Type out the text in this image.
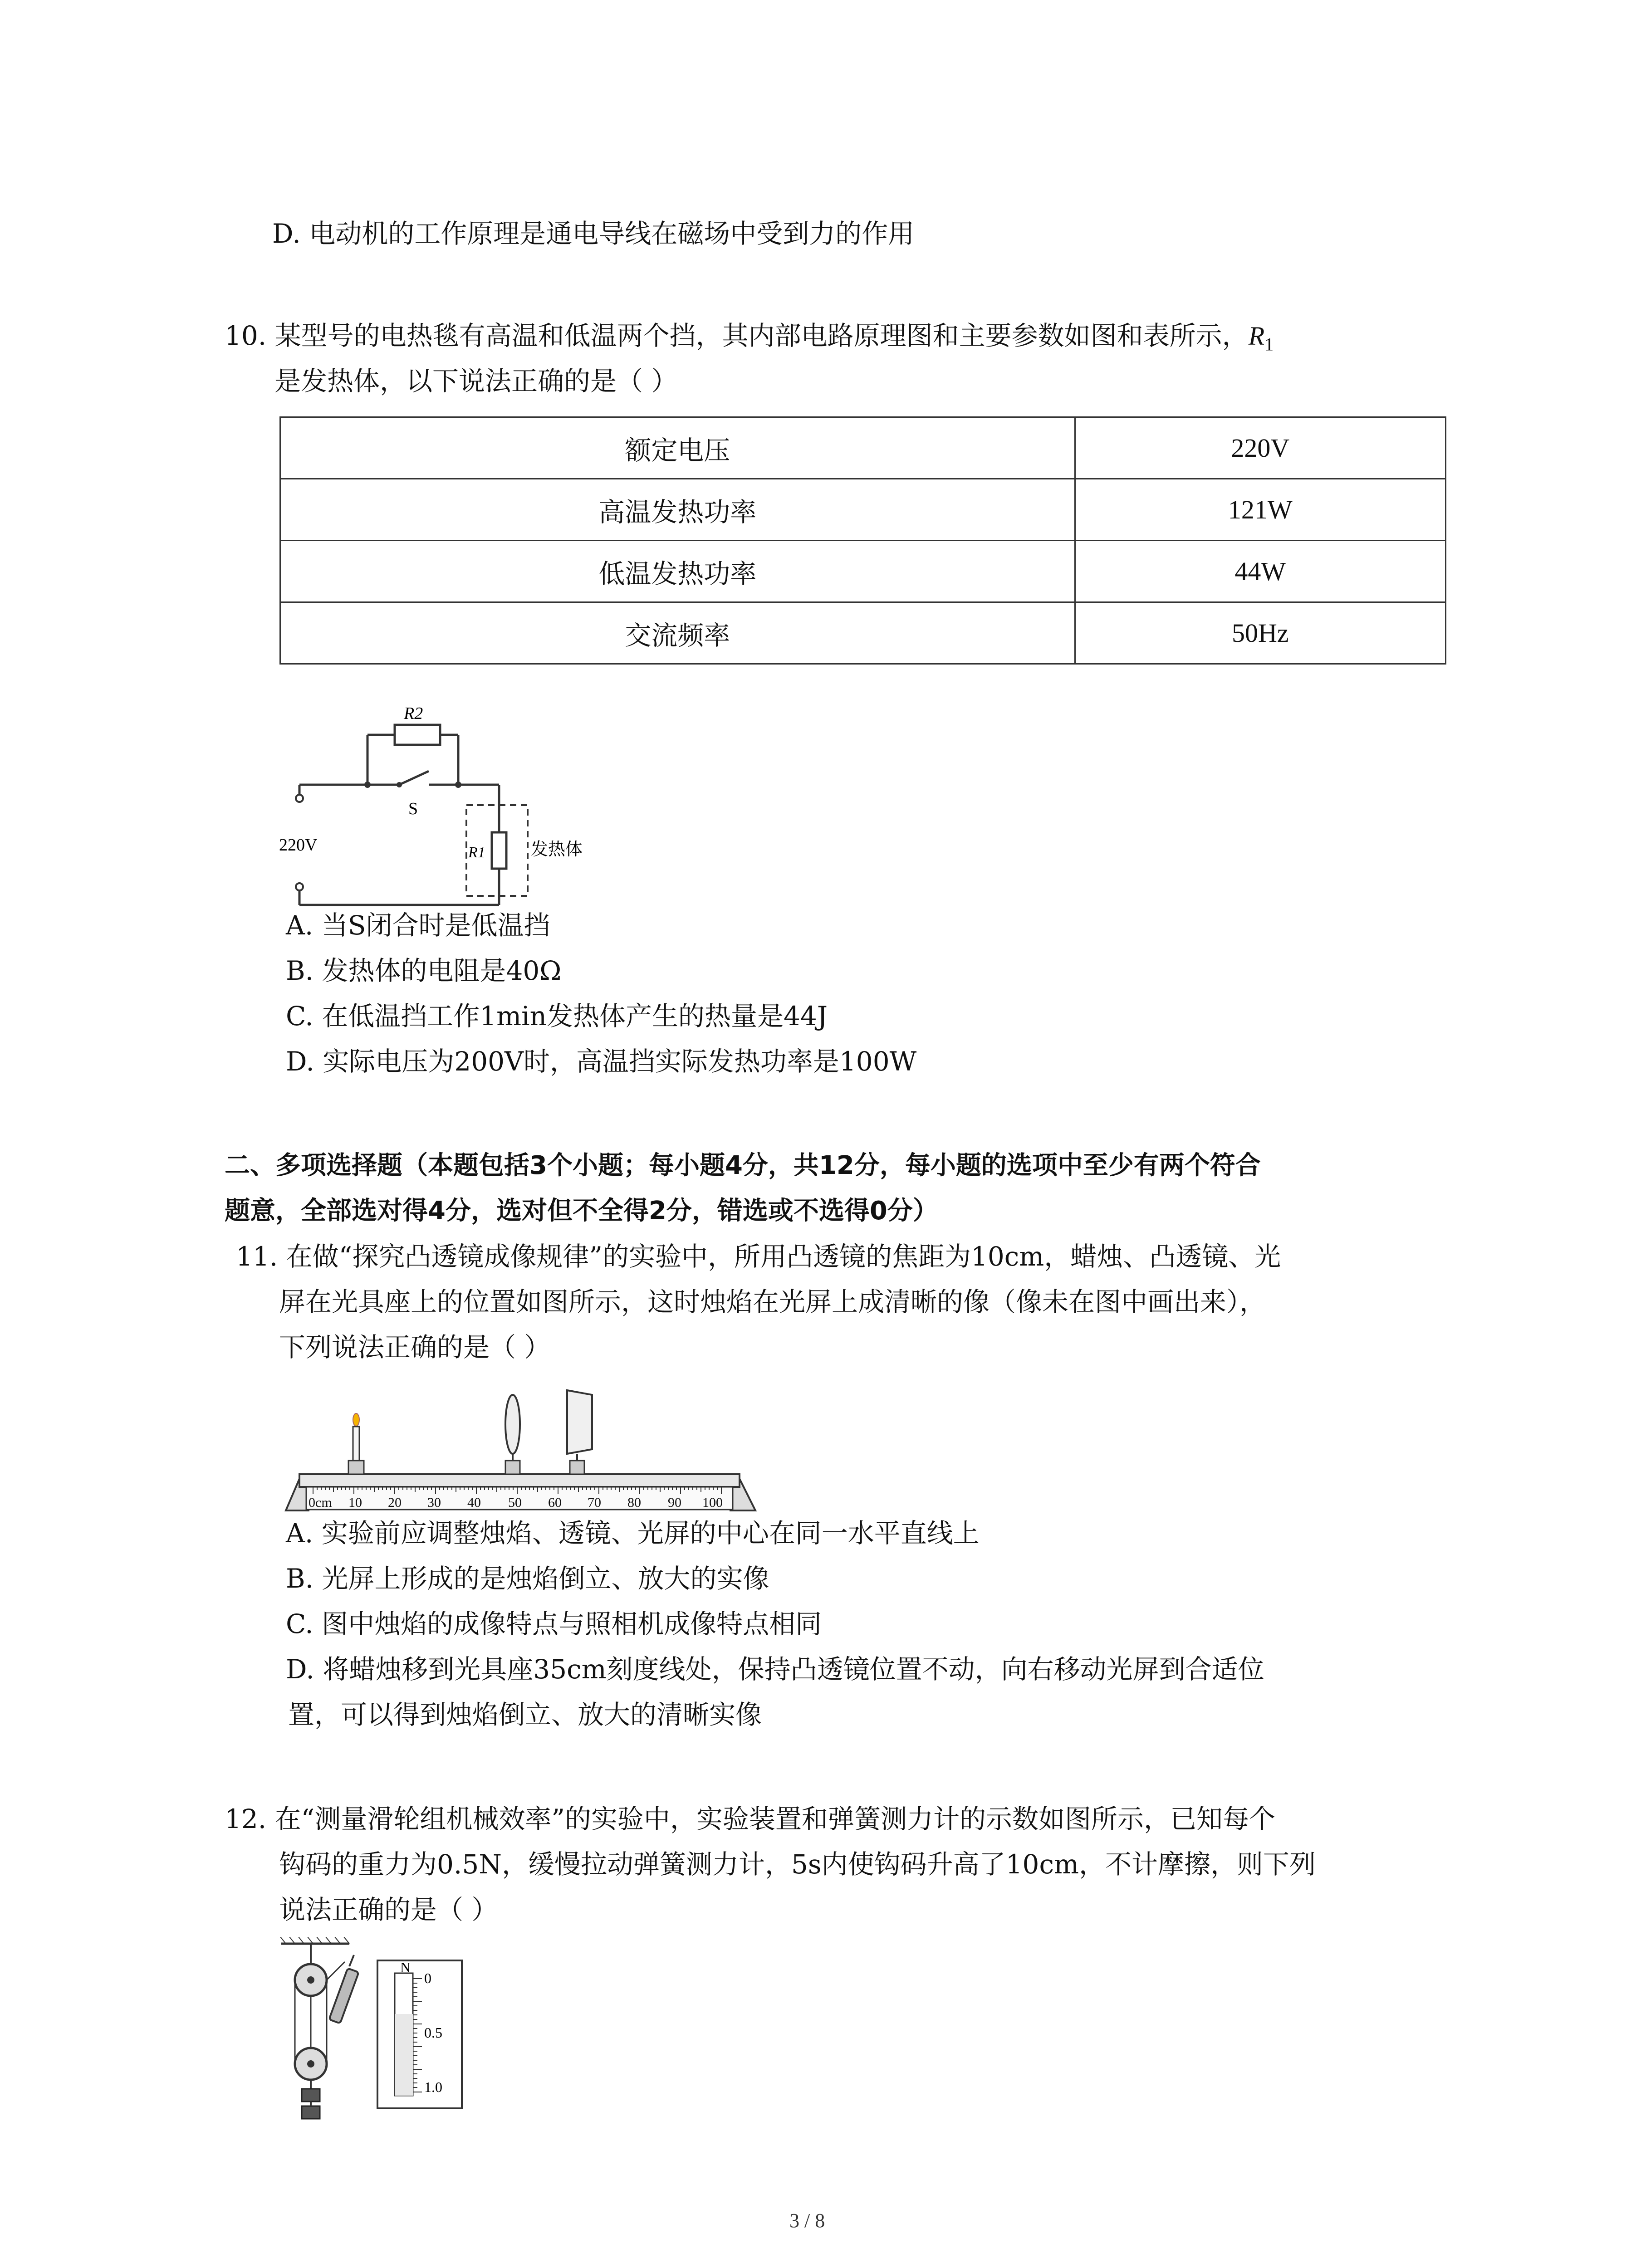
D. 电动机的工作原理是通电导线在磁场中受到力的作用
10. 某型号的电热毯有高温和低温两个挡，其内部电路原理图和主要参数如图和表所示，$R_1$
是发热体，以下说法正确的是（ ）
额定电压	220V
高温发热功率	121W
低温发热功率	44W
交流频率	50Hz
R2
S
220V	R1	发热体
A. 当S闭合时是低温挡
B. 发热体的电阻是40Ω
C. 在低温挡工作1min发热体产生的热量是44J
D. 实际电压为200V时，高温挡实际发热功率是100W
二、多项选择题（本题包括3个小题；每小题4分，共12分，每小题的选项中至少有两个符合
题意，全部选对得4分，选对但不全得2分，错选或不选得0分）
11. 在做“探究凸透镜成像规律”的实验中，所用凸透镜的焦距为10cm，蜡烛、凸透镜、光
屏在光具座上的位置如图所示，这时烛焰在光屏上成清晰的像（像未在图中画出来），
下列说法正确的是（ ）
0cm 10 20 30 40 50 60 70 80 90 100
A. 实验前应调整烛焰、透镜、光屏的中心在同一水平直线上
B. 光屏上形成的是烛焰倒立、放大的实像
C. 图中烛焰的成像特点与照相机成像特点相同
D. 将蜡烛移到光具座35cm刻度线处，保持凸透镜位置不动，向右移动光屏到合适位
置，可以得到烛焰倒立、放大的清晰实像
12. 在“测量滑轮组机械效率”的实验中，实验装置和弹簧测力计的示数如图所示，已知每个
钩码的重力为0.5N，缓慢拉动弹簧测力计，5s内使钩码升高了10cm，不计摩擦，则下列
说法正确的是（ ）
N
0
0.5
1.0
3 / 8
